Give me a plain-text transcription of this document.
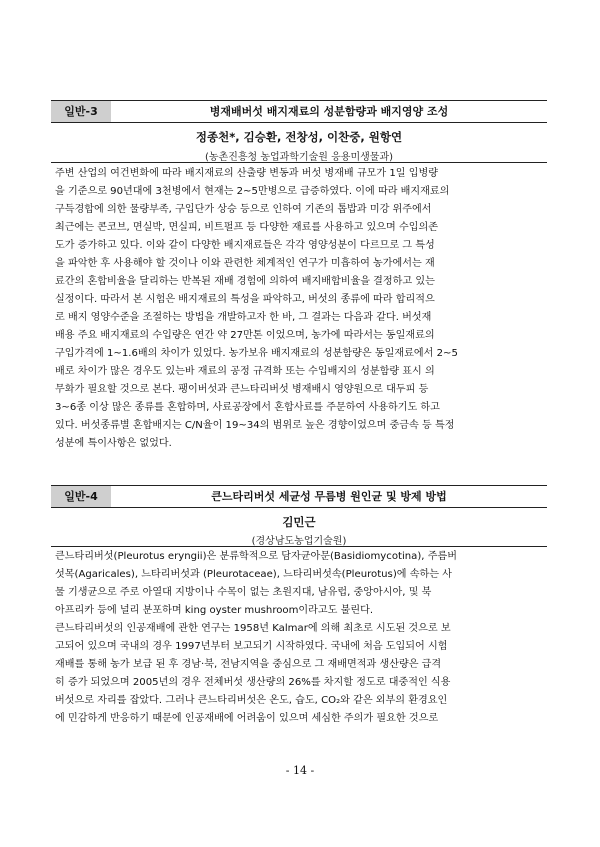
일반-3	병재배버섯 배지재료의 성분함량과 배지영양 조성
정종천*, 김승환, 전창성, 이찬중, 원항연
(농촌진흥청 농업과학기술원 응용미생물과)
주변 산업의 여건변화에 따라 배지재료의 산출량 변동과 버섯 병재배 규모가 1일 입병량
을 기준으로 90년대에 3천병에서 현재는 2~5만병으로 급증하였다. 이에 따라 배지재료의
구득경합에 의한 물량부족, 구입단가 상승 등으로 인하여 기존의 톱밥과 미강 위주에서
최근에는 콘코브, 면실박, 면실피, 비트펄프 등 다양한 재료를 사용하고 있으며 수입의존
도가 증가하고 있다. 이와 같이 다양한 배지재료들은 각각 영양성분이 다르므로 그 특성
을 파악한 후 사용해야 할 것이나 이와 관련한 체계적인 연구가 미흡하여 농가에서는 재
료간의 혼합비율을 달리하는 반복된 재배 경험에 의하여 배지배합비율을 결정하고 있는
실정이다. 따라서 본 시험은 배지재료의 특성을 파악하고, 버섯의 종류에 따라 합리적으
로 배지 영양수준을 조절하는 방법을 개발하고자 한 바, 그 결과는 다음과 같다. 버섯재
배용 주요 배지재료의 수입량은 연간 약 27만톤 이었으며, 농가에 따라서는 동일재료의
구입가격에 1~1.6배의 차이가 있었다. 농가보유 배지재료의 성분함량은 동일재료에서 2~5
배로 차이가 많은 경우도 있는바 재료의 공정 규격화 또는 수입배지의 성분함량 표시 의
무화가 필요할 것으로 본다. 팽이버섯과 큰느타리버섯 병재배시 영양원으로 대두피 등
3~6종 이상 많은 종류를 혼합하며, 사료공장에서 혼합사료를 주문하여 사용하기도 하고
있다. 버섯종류별 혼합배지는 C/N율이 19~34의 범위로 높은 경향이었으며 중금속 등 특정
성분에 특이사항은 없었다.
일반-4	큰느타리버섯 세균성 무름병 원인균 및 방제 방법
김민근
(경상남도농업기술원)
큰느타리버섯(Pleurotus eryngii)은 분류학적으로 담자균아문(Basidiomycotina), 주름버
섯목(Agaricales), 느타리버섯과 (Pleurotaceae), 느타리버섯속(Pleurotus)에 속하는 사
물 기생균으로 주로 아열대 지방이나 수목이 없는 초원지대, 남유럽, 중앙아시아, 및 북
아프리카 등에 널리 분포하며 king oyster mushroom이라고도 불린다.
큰느타리버섯의 인공재배에 관한 연구는 1958년 Kalmar에 의해 최초로 시도된 것으로 보
고되어 있으며 국내의 경우 1997년부터 보고되기 시작하였다. 국내에 처음 도입되어 시험
재배를 통해 농가 보급 된 후 경남·북, 전남지역을 중심으로 그 재배면적과 생산량은 급격
히 증가 되었으며 2005년의 경우 전체버섯 생산량의 26%를 차지할 정도로 대중적인 식용
버섯으로 자리를 잡았다. 그러나 큰느타리버섯은 온도, 습도, CO₂와 같은 외부의 환경요인
에 민감하게 반응하기 때문에 인공재배에 어려움이 있으며 세심한 주의가 필요한 것으로
- 14 -
